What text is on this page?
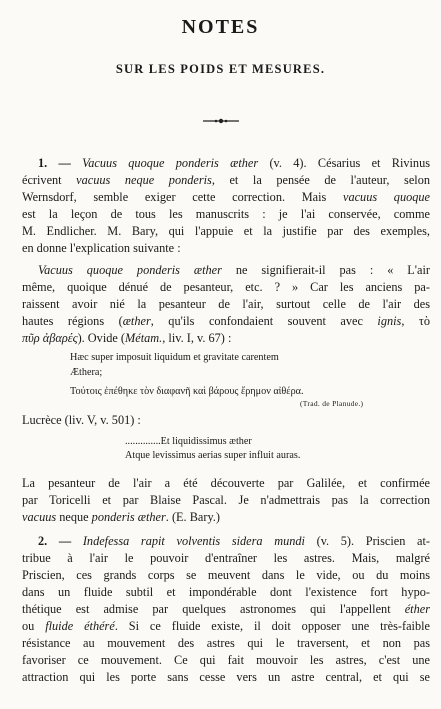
NOTES
SUR LES POIDS ET MESURES.
1. — Vacuus quoque ponderis æther (v. 4). Césarius et Rivinus
écrivent vacuus neque ponderis, et la pensée de l'auteur, selon
Wernsdorf, semble exiger cette correction. Mais vacuus quoque
est la leçon de tous les manuscrits : je l'ai conservée, comme
M. Endlicher. M. Bary, qui l'appuie et la justifie par des exemples,
en donne l'explication suivante :
Vacuus quoque ponderis æther ne signifierait-il pas : « L'air
même, quoique dénué de pesanteur, etc. ? » Car les anciens pa-
raissent avoir nié la pesanteur de l'air, surtout celle de l'air des
hautes régions (æther, qu'ils confondaient souvent avec ignis, τὸ
πῦρ ἀβαρές). Ovide (Métam., liv. I, v. 67) :
Hæc super imposuit liquidum et gravitate carentem
Æthera;
Τούτοις ἐπέθηκε τὸν διαφανῆ καὶ βάρους ἔρημον αἰθέρα.
(Trad. de Planude.)
Lucrèce (liv. V, v. 501) :
..............Et liquidissimus æther
Atque levissimus aerias super influit auras.
La pesanteur de l'air a été découverte par Galilée, et confirmée
par Toricelli et par Blaise Pascal. Je n'admettrais pas la correction
vacuus neque ponderis æther. (E. Bary.)
2. — Indefessa rapit volventis sidera mundi (v. 5). Priscien at-
tribue à l'air le pouvoir d'entraîner les astres. Mais, malgré
Priscien, ces grands corps se meuvent dans le vide, ou du moins
dans un fluide subtil et impondérable dont l'existence fort hypo-
thétique est admise par quelques astronomes qui l'appellent éther
ou fluide éthéré. Si ce fluide existe, il doit opposer une très-faible
résistance au mouvement des astres qui le traversent, et non pas
favoriser ce mouvement. Ce qui fait mouvoir les astres, c'est une
attraction qui les porte sans cesse vers un astre central, et qui se
